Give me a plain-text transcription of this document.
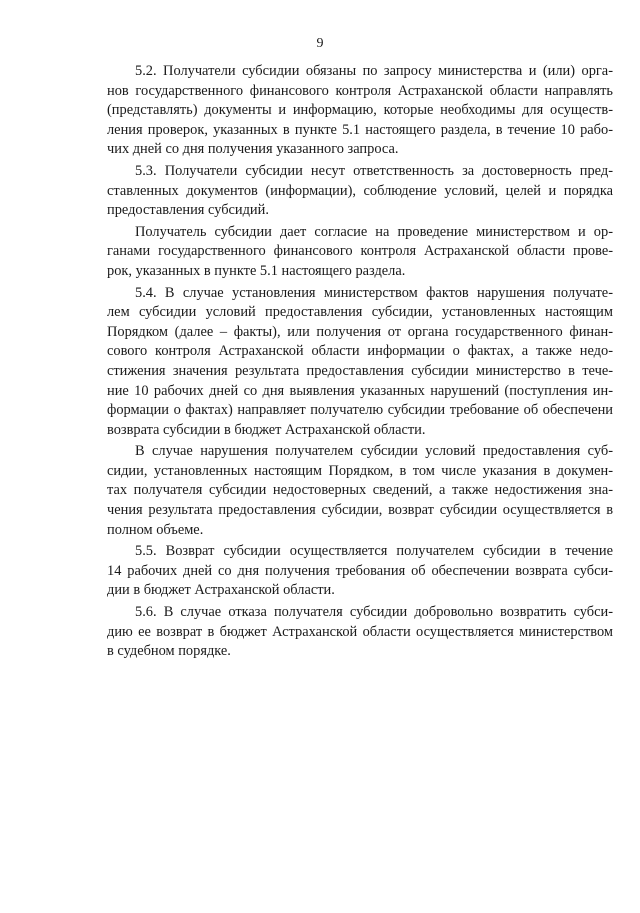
9
5.2. Получатели субсидии обязаны по запросу министерства и (или) орга-
нов государственного финансового контроля Астраханской области направлять
(представлять) документы и информацию, которые необходимы для осуществ-
ления проверок, указанных в пункте 5.1 настоящего раздела, в течение 10 рабо-
чих дней со дня получения указанного запроса.
5.3. Получатели субсидии несут ответственность за достоверность пред-
ставленных документов (информации), соблюдение условий, целей и порядка
предоставления субсидий.
Получатель субсидии дает согласие на проведение министерством и ор-
ганами государственного финансового контроля Астраханской области прове-
рок, указанных в пункте 5.1 настоящего раздела.
5.4. В случае установления министерством фактов нарушения получате-
лем субсидии условий предоставления субсидии, установленных настоящим
Порядком (далее – факты), или получения от органа государственного финан-
сового контроля Астраханской области информации о фактах, а также недо-
стижения значения результата предоставления субсидии министерство в тече-
ние 10 рабочих дней со дня выявления указанных нарушений (поступления ин-
формации о фактах) направляет получателю субсидии требование об обеспечени
возврата субсидии в бюджет Астраханской области.
В случае нарушения получателем субсидии условий предоставления суб-
сидии, установленных настоящим Порядком, в том числе указания в докумен-
тах получателя субсидии недостоверных сведений, а также недостижения зна-
чения результата предоставления субсидии, возврат субсидии осуществляется в
полном объеме.
5.5. Возврат субсидии осуществляется получателем субсидии в течение
14 рабочих дней со дня получения требования об обеспечении возврата субси-
дии в бюджет Астраханской области.
5.6. В случае отказа получателя субсидии добровольно возвратить субси-
дию ее возврат в бюджет Астраханской области осуществляется министерством
в судебном порядке.
